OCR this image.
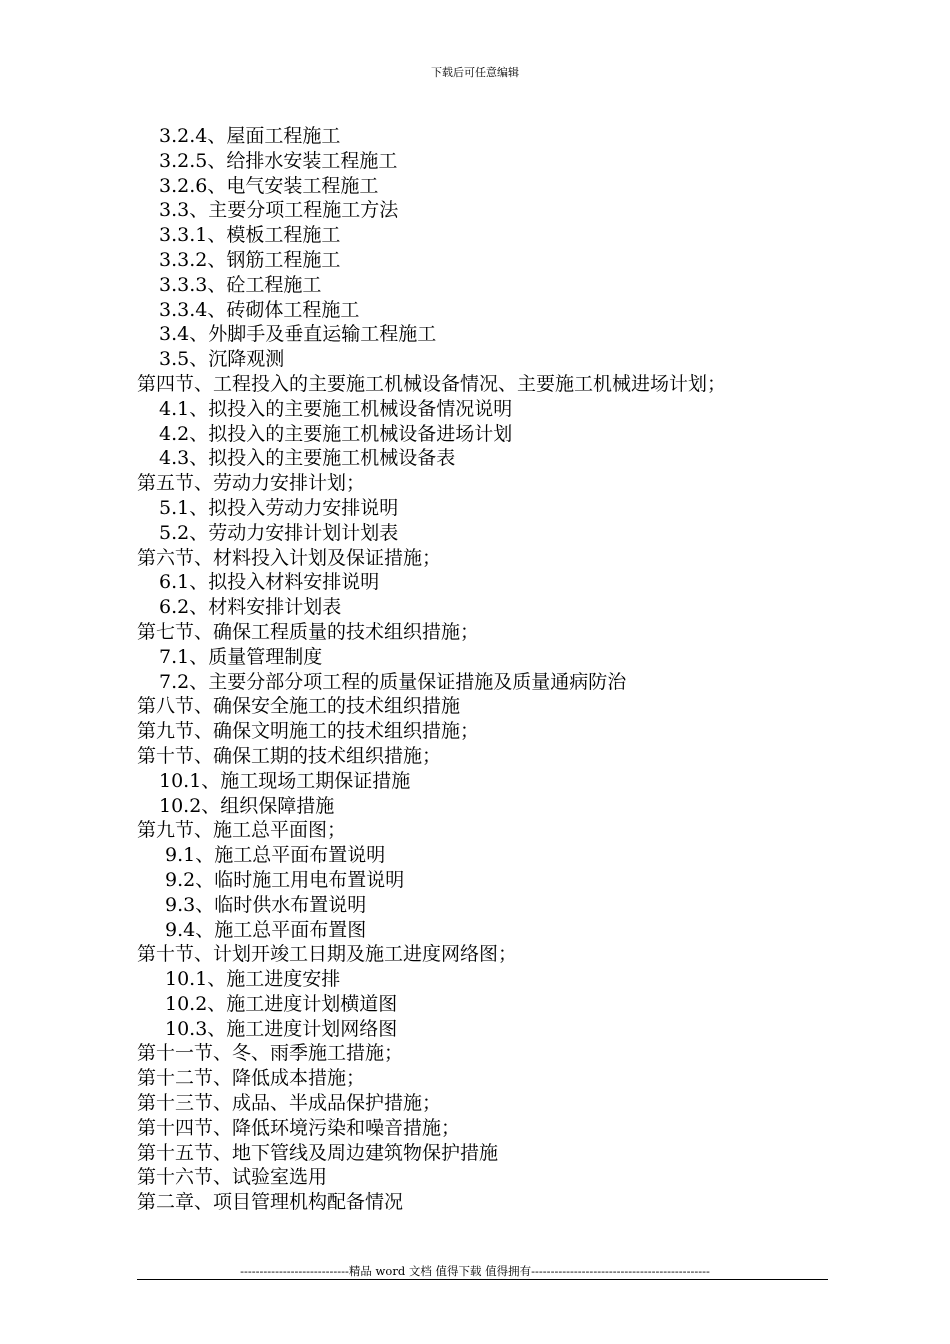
下载后可任意编辑
3.2.4、屋面工程施工
3.2.5、给排水安装工程施工
3.2.6、电气安装工程施工
3.3、主要分项工程施工方法
3.3.1、模板工程施工
3.3.2、钢筋工程施工
3.3.3、砼工程施工
3.3.4、砖砌体工程施工
3.4、外脚手及垂直运输工程施工
3.5、沉降观测
第四节、工程投入的主要施工机械设备情况、主要施工机械进场计划；
4.1、拟投入的主要施工机械设备情况说明
4.2、拟投入的主要施工机械设备进场计划
4.3、拟投入的主要施工机械设备表
第五节、劳动力安排计划；
5.1、拟投入劳动力安排说明
5.2、劳动力安排计划计划表
第六节、材料投入计划及保证措施；
6.1、拟投入材料安排说明
6.2、材料安排计划表
第七节、确保工程质量的技术组织措施；
7.1、质量管理制度
7.2、主要分部分项工程的质量保证措施及质量通病防治
第八节、确保安全施工的技术组织措施
第九节、确保文明施工的技术组织措施；
第十节、确保工期的技术组织措施；
10.1、施工现场工期保证措施
10.2、组织保障措施
第九节、施工总平面图；
9.1、施工总平面布置说明
9.2、临时施工用电布置说明
9.3、临时供水布置说明
9.4、施工总平面布置图
第十节、计划开竣工日期及施工进度网络图；
10.1、施工进度安排
10.2、施工进度计划横道图
10.3、施工进度计划网络图
第十一节、冬、雨季施工措施；
第十二节、降低成本措施；
第十三节、成品、半成品保护措施；
第十四节、降低环境污染和噪音措施；
第十五节、地下管线及周边建筑物保护措施
第十六节、试验室选用
第二章、项目管理机构配备情况
----------------------------精品 word 文档 值得下载 值得拥有----------------------------------------------
